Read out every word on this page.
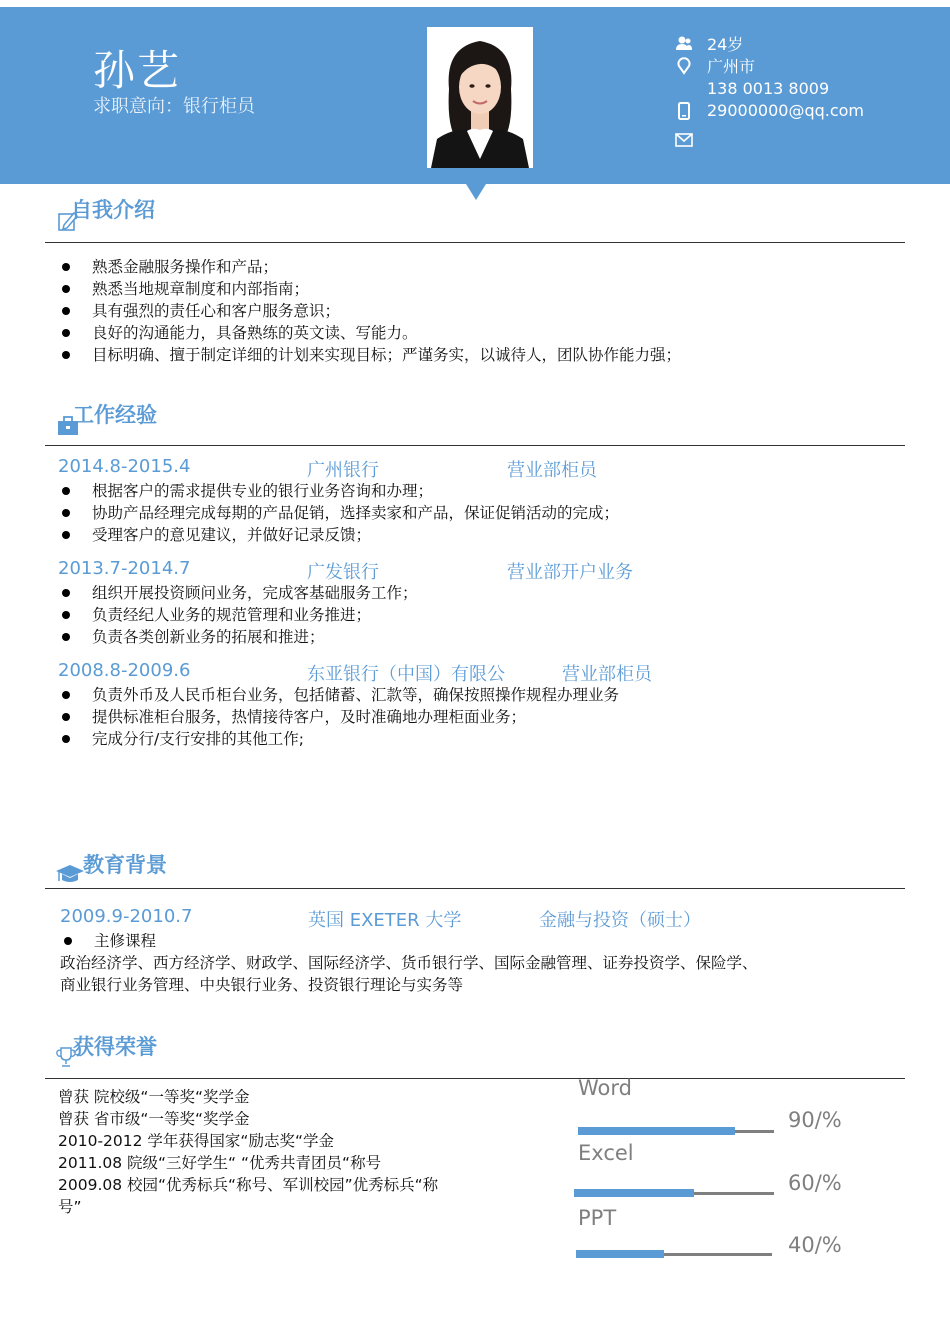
孙艺
求职意向：银行柜员
24岁
广州市
138 0013 8009
29000000@qq.com
自我介绍
熟悉金融服务操作和产品；
熟悉当地规章制度和内部指南；
具有强烈的责任心和客户服务意识；
良好的沟通能力，具备熟练的英文读、写能力。
目标明确、擅于制定详细的计划来实现目标；严谨务实，以诚待人，团队协作能力强；
工作经验
2014.8-2015.4	广州银行	营业部柜员
根据客户的需求提供专业的银行业务咨询和办理；
协助产品经理完成每期的产品促销，选择卖家和产品，保证促销活动的完成；
受理客户的意见建议，并做好记录反馈；
2013.7-2014.7	广发银行	营业部开户业务
组织开展投资顾问业务，完成客基础服务工作；
负责经纪人业务的规范管理和业务推进；
负责各类创新业务的拓展和推进；
2008.8-2009.6	东亚银行（中国）有限公	营业部柜员
负责外币及人民币柜台业务，包括储蓄、汇款等，确保按照操作规程办理业务
提供标准柜台服务，热情接待客户，及时准确地办理柜面业务；
完成分行/支行安排的其他工作;
教育背景
2009.9-2010.7	英国 EXETER 大学	金融与投资（硕士）
主修课程
政治经济学、西方经济学、财政学、国际经济学、货币银行学、国际金融管理、证券投资学、保险学、
商业银行业务管理、中央银行业务、投资银行理论与实务等
获得荣誉
曾获 院校级“一等奖“奖学金
曾获 省市级“一等奖“奖学金
2010-2012 学年获得国家“励志奖“学金
2011.08 院级“三好学生“ “优秀共青团员“称号
2009.08 校园“优秀标兵“称号、军训校园”优秀标兵“称
号”
Word
90/%
Excel
60/%
PPT
40/%
